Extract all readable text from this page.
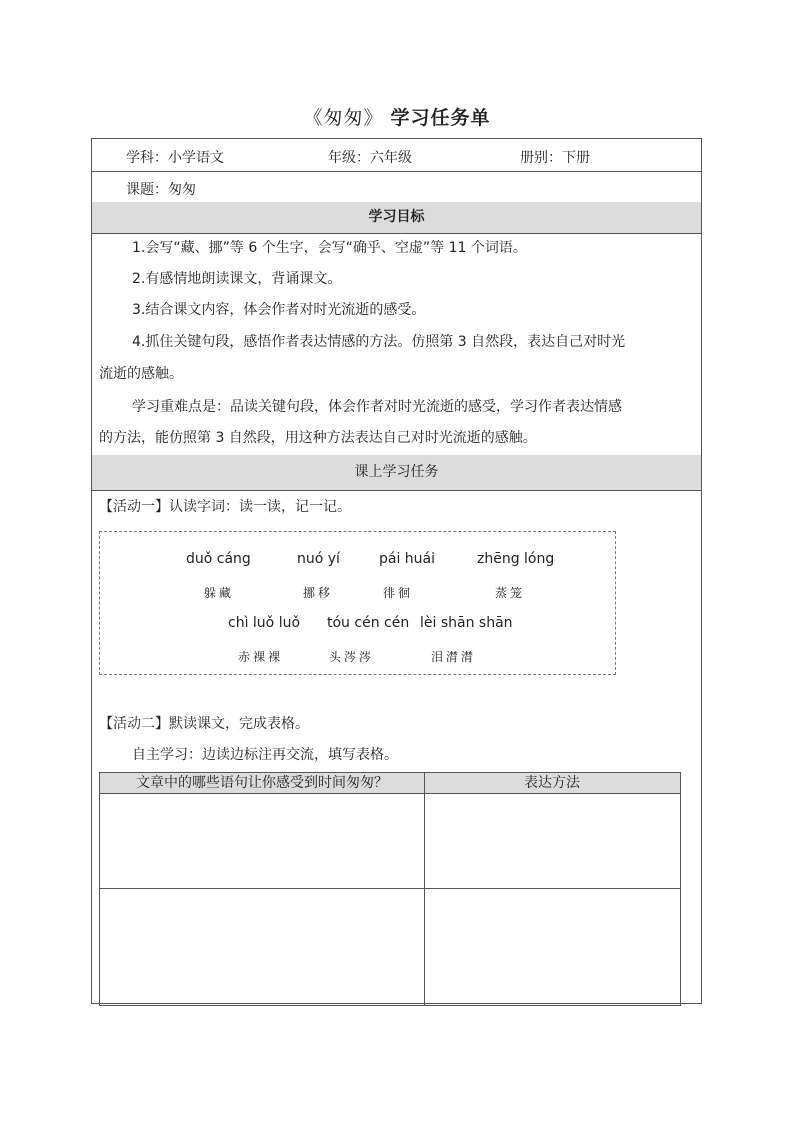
《匆匆》 学习任务单
学科：小学语文	年级：六年级	册别：下册
课题：匆匆
学习目标
1.会写“藏、挪”等 6 个生字，会写“确乎、空虚”等 11 个词语。
2.有感情地朗读课文，背诵课文。
3.结合课文内容，体会作者对时光流逝的感受。
4.抓住关键句段，感悟作者表达情感的方法。仿照第 3 自然段，表达自己对时光
流逝的感触。
学习重难点是：品读关键句段，体会作者对时光流逝的感受，学习作者表达情感
的方法，能仿照第 3 自然段，用这种方法表达自己对时光流逝的感触。
课上学习任务
【活动一】认读字词：读一读，记一记。
duǒ cáng
躲藏
nuó yí
挪移
pái huái
徘徊
zhēng lóng
蒸笼
chì luǒ luǒ
赤裸裸
tóu cén cén
头涔涔
lèi shān shān
泪潸潸
【活动二】默读课文，完成表格。
自主学习：边读边标注再交流，填写表格。
文章中的哪些语句让你感受到时间匆匆？	表达方法
